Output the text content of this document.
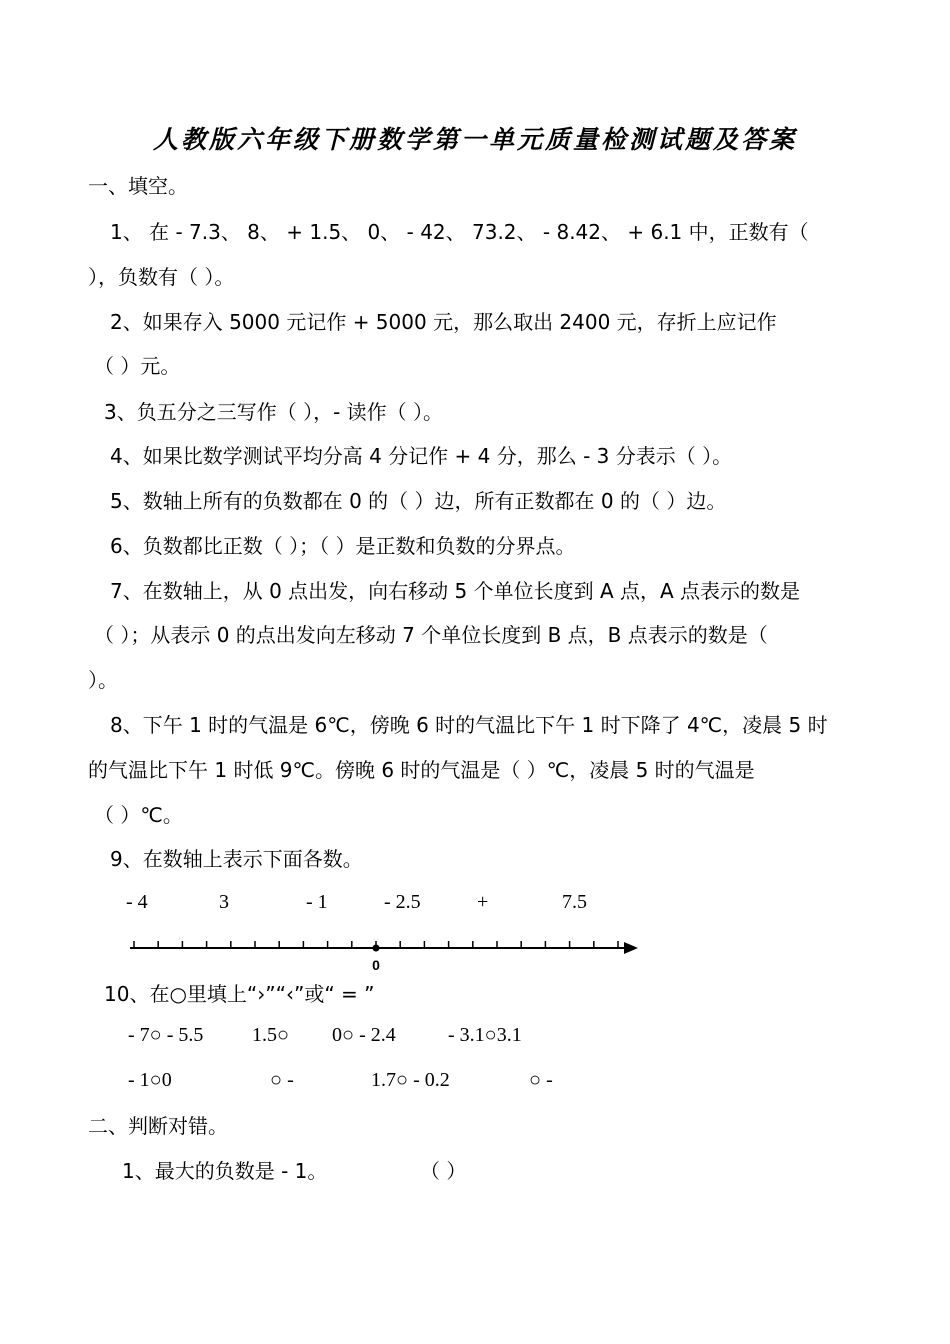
人教版六年级下册数学第一单元质量检测试题及答案
一、填空。
1、 在 - 7.3、 8、 + 1.5、 0、 - 42、 73.2、 - 8.42、 + 6.1 中，正数有（
），负数有（ ）。
2、如果存入 5000 元记作 + 5000 元，那么取出 2400 元，存折上应记作
（ ）元。
3、负五分之三写作（ ），- 读作（ ）。
4、如果比数学测试平均分高 4 分记作 + 4 分，那么 - 3 分表示（ ）。
5、数轴上所有的负数都在 0 的（ ）边，所有正数都在 0 的（ ）边。
6、负数都比正数（ ）；（ ）是正数和负数的分界点。
7、在数轴上，从 0 点出发，向右移动 5 个单位长度到 A 点，A 点表示的数是
（ ）；从表示 0 的点出发向左移动 7 个单位长度到 B 点，B 点表示的数是（
）。
8、下午 1 时的气温是 6℃，傍晚 6 时的气温比下午 1 时下降了 4℃，凌晨 5 时
的气温比下午 1 时低 9℃。傍晚 6 时的气温是（ ）℃，凌晨 5 时的气温是
（ ）℃。
9、在数轴上表示下面各数。
- 4	3	- 1	- 2.5	+	7.5
0
10、在○里填上“›”“‹”或“ = ”
- 7○ - 5.5 1.5○ 0○ - 2.4	- 3.1○3.1
- 1○0	○ -	1.7○ - 0.2	○ -
二、判断对错。
1、最大的负数是 - 1。	（ ）
